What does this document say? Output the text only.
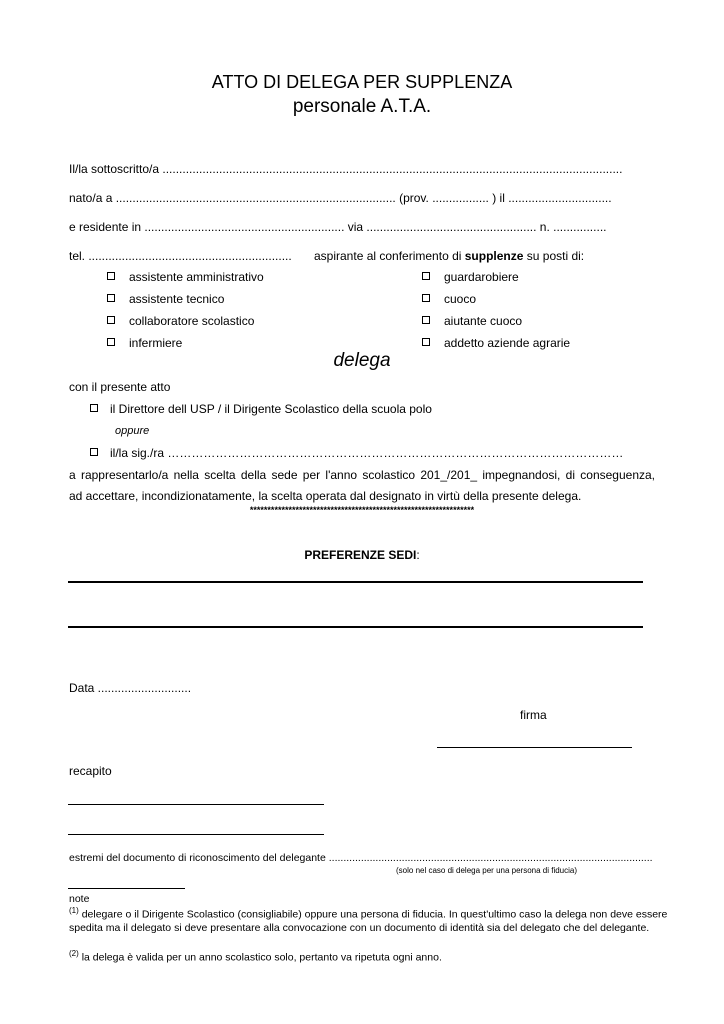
ATTO DI DELEGA PER SUPPLENZA
personale A.T.A.
Il/la sottoscritto/a ..........................................................................................................................................
nato/a a .................................................................................... (prov. ................. ) il ...............................
e residente in ............................................................ via ................................................... n. ................
tel. ............................................................. aspirante al conferimento di supplenze su posti di:
assistente amministrativo
assistente tecnico
collaboratore scolastico
infermiere
guardarobiere
cuoco
aiutante cuoco
addetto aziende agrarie
delega
con il presente atto
il Direttore dell USP / il Dirigente Scolastico della scuola polo
oppure
il/la sig./ra ……………………………………………………………………………………………………
a rappresentarlo/a nella scelta della sede per l'anno scolastico 201_/201_ impegnandosi, di conseguenza,
ad accettare, incondizionatamente, la scelta operata dal designato in virtù della presente delega.
****************************************************************
PREFERENZE SEDI:
Data ............................
firma
recapito
estremi del documento di riconoscimento del delegante ...............................................................................................................
(solo nel caso di delega per una persona di fiducia)
note
$^{(1)}$ delegare o il Dirigente Scolastico (consigliabile) oppure una persona di fiducia. In quest'ultimo caso la delega non deve essere
spedita ma il delegato si deve presentare alla convocazione con un documento di identità sia del delegato che del delegante.
$^{(2)}$ la delega è valida per un anno scolastico solo, pertanto va ripetuta ogni anno.
